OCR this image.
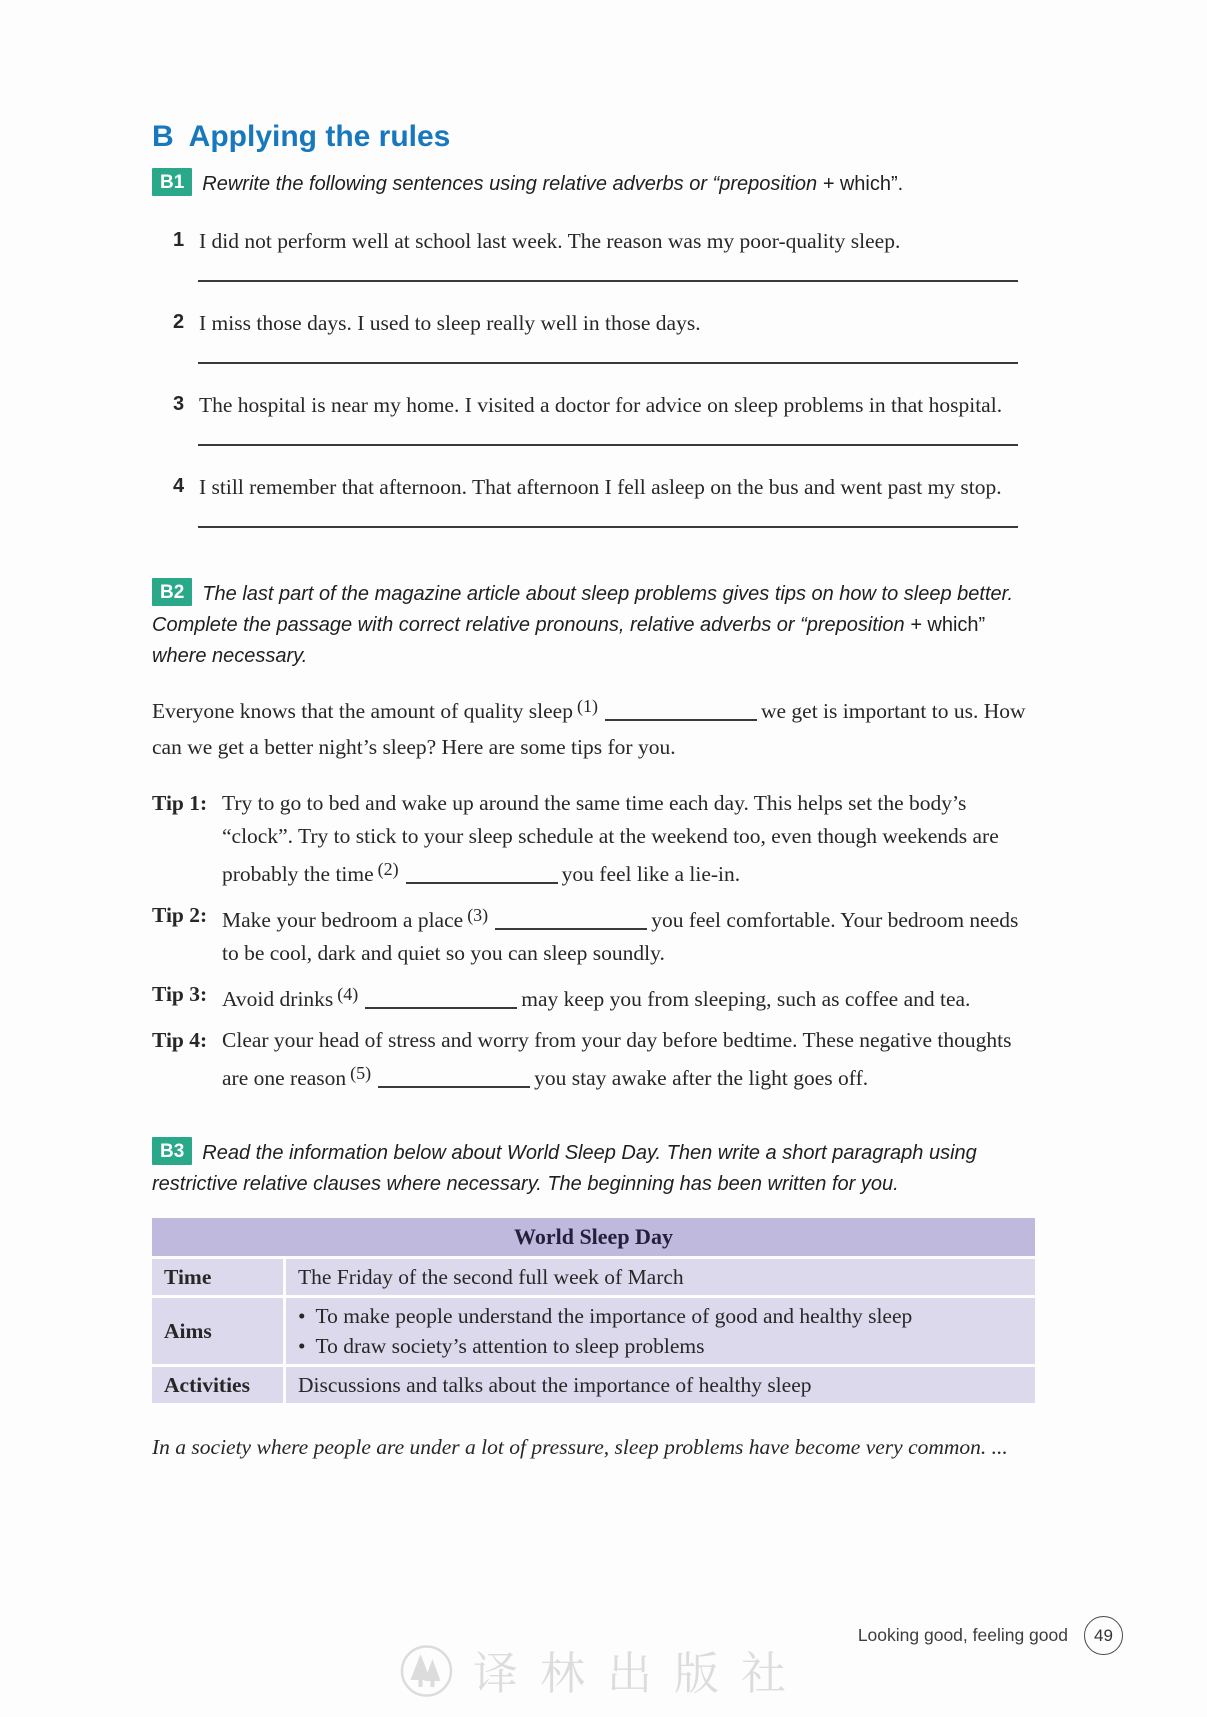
B Applying the rules

B1 Rewrite the following sentences using relative adverbs or “preposition + which”.

1 I did not perform well at school last week. The reason was my poor-quality sleep.
2 I miss those days. I used to sleep really well in those days.
3 The hospital is near my home. I visited a doctor for advice on sleep problems in that hospital.
4 I still remember that afternoon. That afternoon I fell asleep on the bus and went past my stop.

B2 The last part of the magazine article about sleep problems gives tips on how to sleep better. Complete the passage with correct relative pronouns, relative adverbs or “preposition + which” where necessary.

Everyone knows that the amount of quality sleep $^{(1)}$	we get is important to us. How can we get a better night’s sleep? Here are some tips for you.

Tip 1: Try to go to bed and wake up around the same time each day. This helps set the body’s “clock”. Try to stick to your sleep schedule at the weekend too, even though weekends are probably the time $^{(2)}$	you feel like a lie-in.
Tip 2: Make your bedroom a place $^{(3)}$	you feel comfortable. Your bedroom needs to be cool, dark and quiet so you can sleep soundly.
Tip 3: Avoid drinks $^{(4)}$	may keep you from sleeping, such as coffee and tea.
Tip 4: Clear your head of stress and worry from your day before bedtime. These negative thoughts are one reason $^{(5)}$	you stay awake after the light goes off.

B3 Read the information below about World Sleep Day. Then write a short paragraph using restrictive relative clauses where necessary. The beginning has been written for you.

World Sleep Day
Time	The Friday of the second full week of March
Aims
• To make people understand the importance of good and healthy sleep
• To draw society’s attention to sleep problems
Activities	Discussions and talks about the importance of healthy sleep

In a society where people are under a lot of pressure, sleep problems have become very common. ...

Looking good, feeling good	49
译林出版社
